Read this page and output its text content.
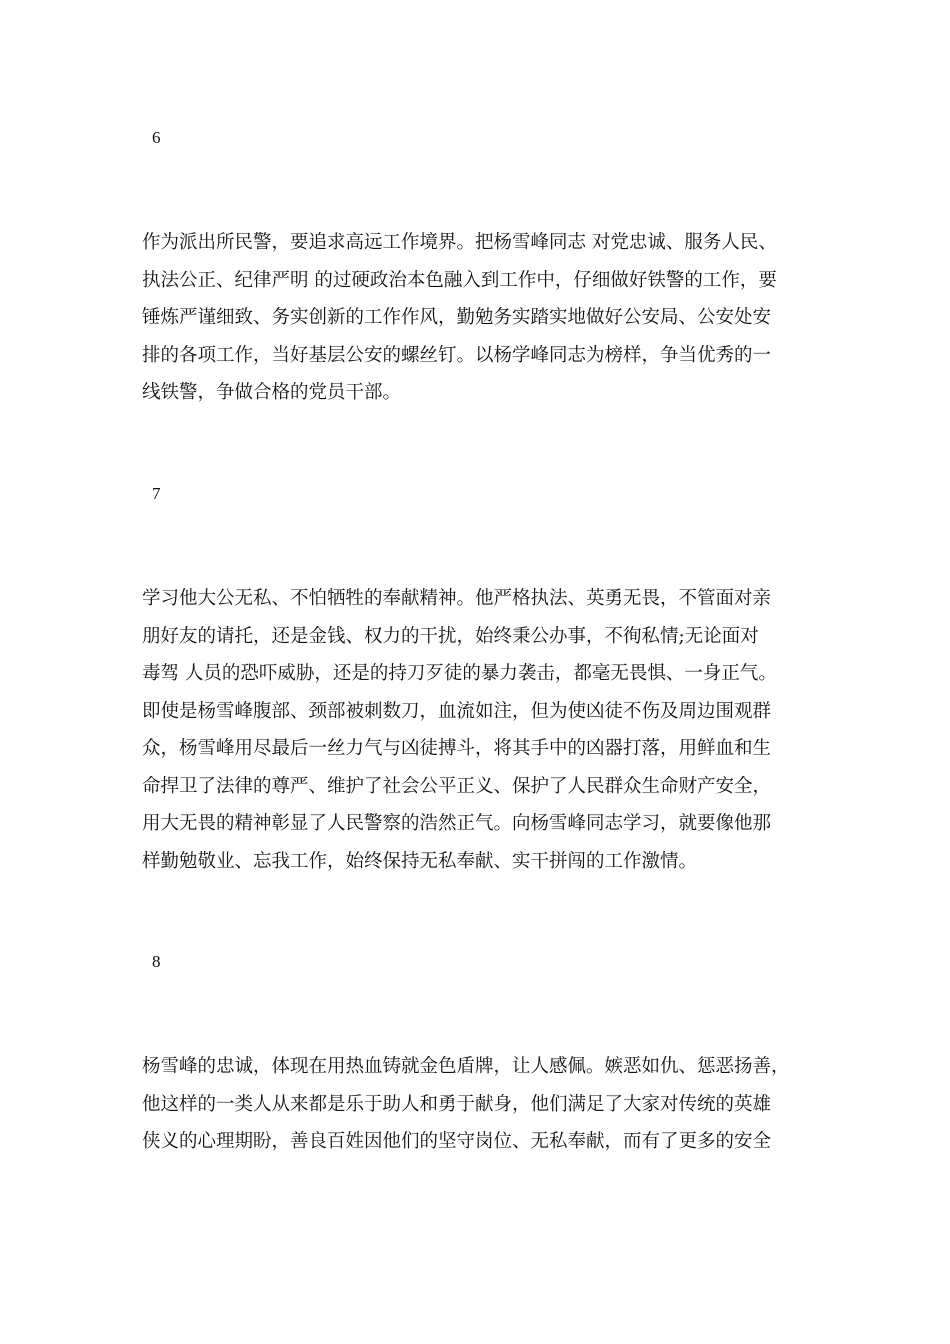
6
作为派出所民警，要追求高远工作境界。把杨雪峰同志 对党忠诚、服务人民、
执法公正、纪律严明 的过硬政治本色融入到工作中，仔细做好铁警的工作，要
锤炼严谨细致、务实创新的工作作风，勤勉务实踏实地做好公安局、公安处安
排的各项工作，当好基层公安的螺丝钉。以杨学峰同志为榜样，争当优秀的一
线铁警，争做合格的党员干部。
7
学习他大公无私、不怕牺牲的奉献精神。他严格执法、英勇无畏，不管面对亲
朋好友的请托，还是金钱、权力的干扰，始终秉公办事，不徇私情;无论面对
毒驾 人员的恐吓威胁，还是的持刀歹徒的暴力袭击，都毫无畏惧、一身正气。
即使是杨雪峰腹部、颈部被刺数刀，血流如注，但为使凶徒不伤及周边围观群
众，杨雪峰用尽最后一丝力气与凶徒搏斗，将其手中的凶器打落，用鲜血和生
命捍卫了法律的尊严、维护了社会公平正义、保护了人民群众生命财产安全，
用大无畏的精神彰显了人民警察的浩然正气。向杨雪峰同志学习，就要像他那
样勤勉敬业、忘我工作，始终保持无私奉献、实干拼闯的工作激情。
8
杨雪峰的忠诚，体现在用热血铸就金色盾牌，让人感佩。嫉恶如仇、惩恶扬善，
他这样的一类人从来都是乐于助人和勇于献身，他们满足了大家对传统的英雄
侠义的心理期盼，善良百姓因他们的坚守岗位、无私奉献，而有了更多的安全
